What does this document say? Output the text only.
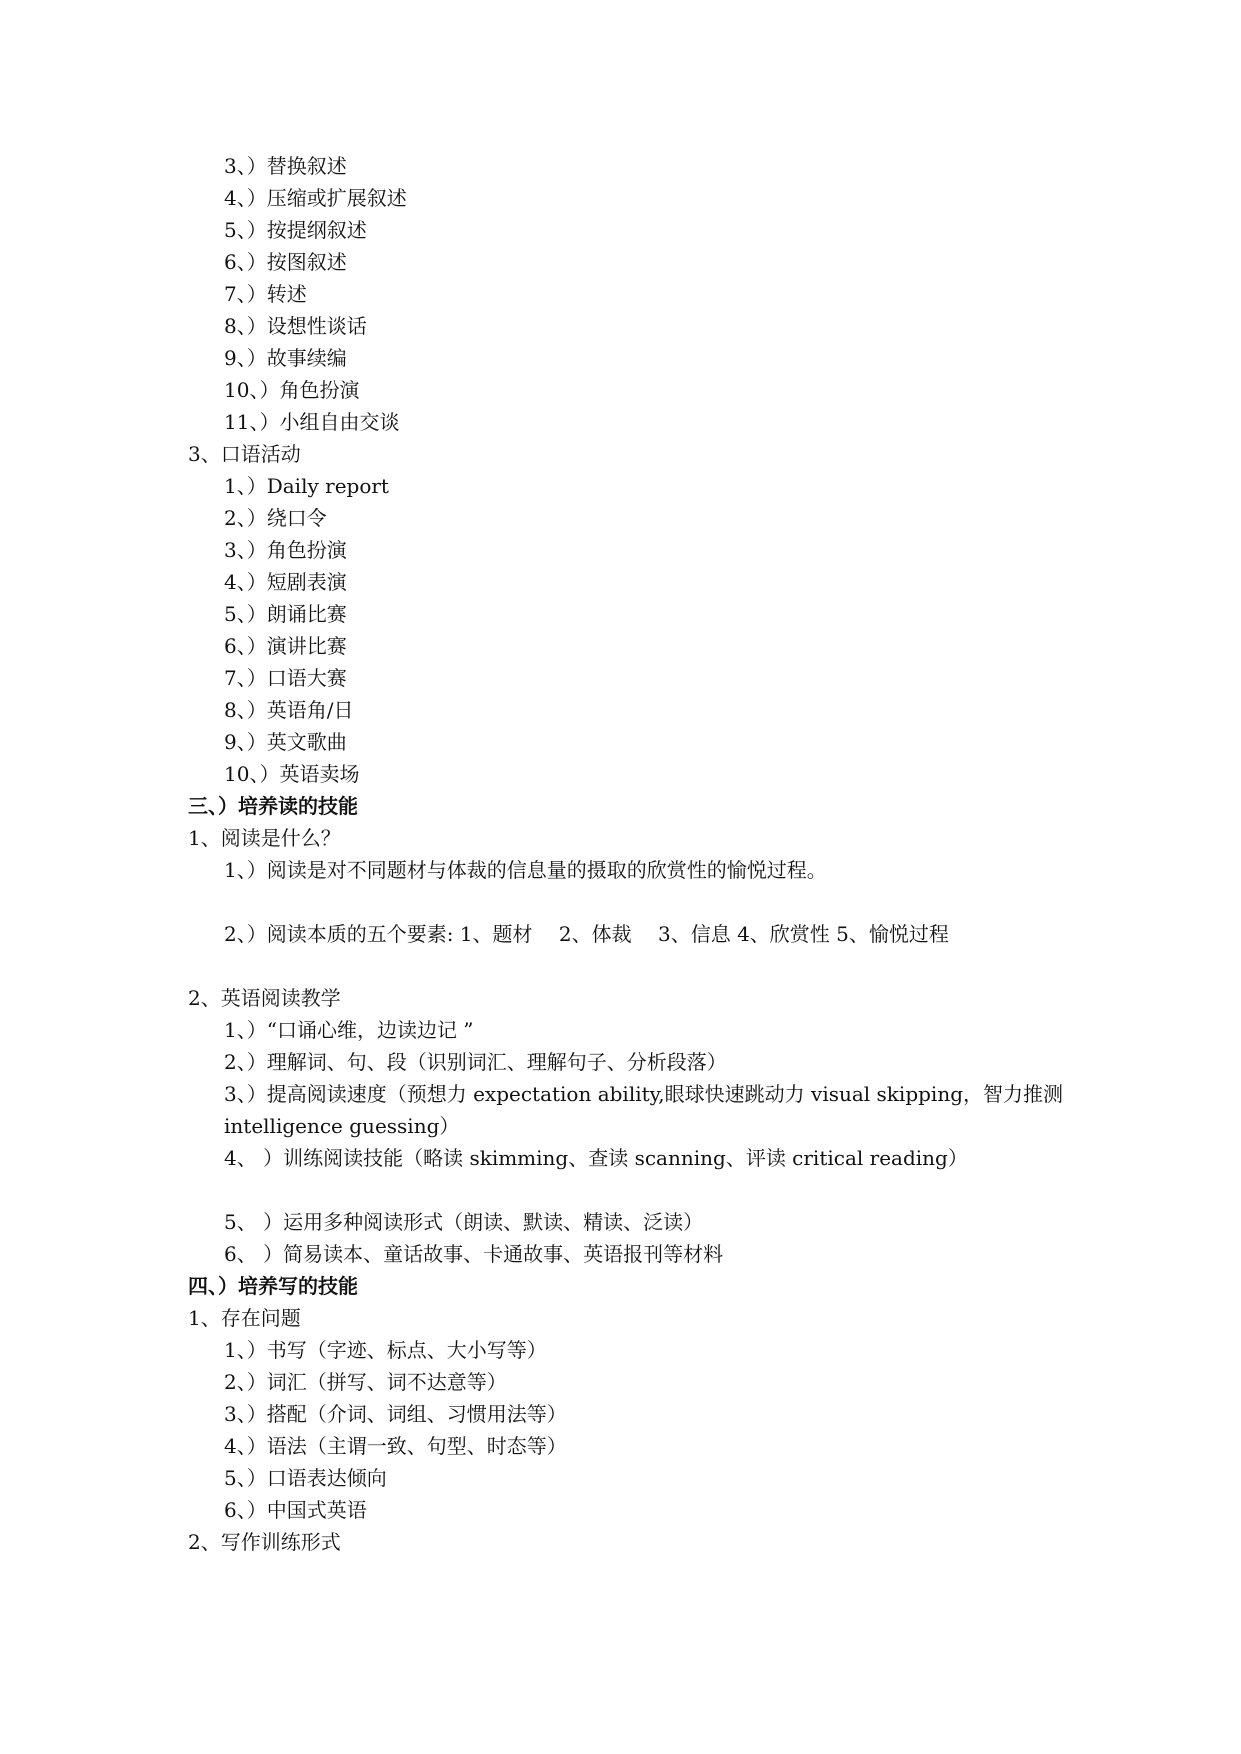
3、）替换叙述
4、）压缩或扩展叙述
5、）按提纲叙述
6、）按图叙述
7、）转述
8、）设想性谈话
9、）故事续编
10、）角色扮演
11、）小组自由交谈
3、口语活动
1、）Daily report
2、）绕口令
3、）角色扮演
4、）短剧表演
5、）朗诵比赛
6、）演讲比赛
7、）口语大赛
8、）英语角/日
9、）英文歌曲
10、）英语卖场
三、）培养读的技能
1、阅读是什么？
1、）阅读是对不同题材与体裁的信息量的摄取的欣赏性的愉悦过程。
2、）阅读本质的五个要素: 1、题材　 2、体裁　 3、信息 4、欣赏性 5、愉悦过程
2、英语阅读教学
1、）“口诵心维，边读边记 ”
2、）理解词、句、段（识别词汇、理解句子、分析段落）
3、）提高阅读速度（预想力 expectation ability,眼球快速跳动力 visual skipping，智力推测
intelligence guessing）
4、 ）训练阅读技能（略读 skimming、查读 scanning、评读 critical reading）
5、 ）运用多种阅读形式（朗读、默读、精读、泛读）
6、 ）简易读本、童话故事、卡通故事、英语报刊等材料
四、）培养写的技能
1、存在问题
1、）书写（字迹、标点、大小写等）
2、）词汇（拼写、词不达意等）
3、）搭配（介词、词组、习惯用法等）
4、）语法（主谓一致、句型、时态等）
5、）口语表达倾向
6、）中国式英语
2、写作训练形式
